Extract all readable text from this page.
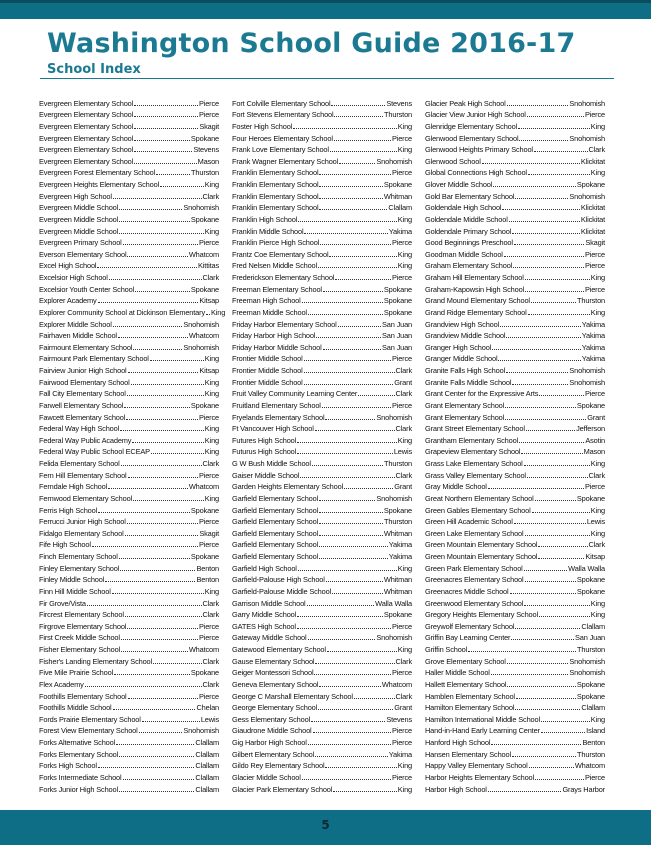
Washington School Guide 2016-17
School Index
Evergreen Elementary School	Pierce
Evergreen Elementary School	Pierce
Evergreen Elementary School	Skagit
Evergreen Elementary School	Spokane
Evergreen Elementary School	Stevens
Evergreen Elementary School	Mason
Evergreen Forest Elementary School	Thurston
Evergreen Heights Elementary School	King
Evergreen High School	Clark
Evergreen Middle School	Snohomish
Evergreen Middle School	Spokane
Evergreen Middle School	King
Evergreen Primary School	Pierce
Everson Elementary School	Whatcom
Excel High School	Kittitas
Excelsior High School	Clark
Excelsior Youth Center School	Spokane
Explorer Academy	Kitsap
Explorer Community School at Dickinson Elementary King
Explorer Middle School	Snohomish
Fairhaven Middle School	Whatcom
Fairmount Elementary School	Snohomish
Fairmount Park Elementary School	King
Fairview Junior High School	Kitsap
Fairwood Elementary School	King
Fall City Elementary School	King
Farwell Elementary School	Spokane
Fawcett Elementary School	Pierce
Federal Way High School	King
Federal Way Public Academy	King
Federal Way Public School ECEAP	King
Felida Elementary School	Clark
Fern Hill Elementary School	Pierce
Ferndale High School	Whatcom
Fernwood Elementary School	King
Ferris High School	Spokane
Ferrucci Junior High School	Pierce
Fidalgo Elementary School	Skagit
Fife High School	Pierce
Finch Elementary School	Spokane
Finley Elementary School	Benton
Finley Middle School	Benton
Finn Hill Middle School	King
Fir Grove/Vista	Clark
Fircrest Elementary School	Clark
Firgrove Elementary School	Pierce
First Creek Middle School	Pierce
Fisher Elementary School	Whatcom
Fisher's Landing Elementary School	Clark
Five Mile Prairie School	Spokane
Flex Academy	Clark
Foothills Elementary School	Pierce
Foothills Middle School	Chelan
Fords Prairie Elementary School	Lewis
Forest View Elementary School	Snohomish
Forks Alternative School	Clallam
Forks Elementary School	Clallam
Forks High School	Clallam
Forks Intermediate School	Clallam
Forks Junior High School	Clallam
Fort Colville Elementary School	Stevens
Fort Stevens Elementary School	Thurston
Foster High School	King
Four Heroes Elementary School	Pierce
Frank Love Elementary School	King
Frank Wagner Elementary School	Snohomish
Franklin Elementary School	Pierce
Franklin Elementary School	Spokane
Franklin Elementary School	Whitman
Franklin Elementary School	Clallam
Franklin High School	King
Franklin Middle School	Yakima
Franklin Pierce High School	Pierce
Frantz Coe Elementary School	King
Fred Nelsen Middle School	King
Frederickson Elementary School	Pierce
Freeman Elementary School	Spokane
Freeman High School	Spokane
Freeman Middle School	Spokane
Friday Harbor Elementary School	San Juan
Friday Harbor High School	San Juan
Friday Harbor Middle School	San Juan
Frontier Middle School	Pierce
Frontier Middle School	Clark
Frontier Middle School	Grant
Fruit Valley Community Learning Center	Clark
Fruitland Elementary School	Pierce
Fryelands Elementary School	Snohomish
Ft Vancouver High School	Clark
Futures High School	King
Futurus High School	Lewis
G W Bush Middle School	Thurston
Gaiser Middle School	Clark
Garden Heights Elementary School	Grant
Garfield Elementary School	Snohomish
Garfield Elementary School	Spokane
Garfield Elementary School	Thurston
Garfield Elementary School	Whitman
Garfield Elementary School	Yakima
Garfield Elementary School	Yakima
Garfield High School	King
Garfield-Palouse High School	Whitman
Garfield-Palouse Middle School	Whitman
Garrison Middle School	Walla Walla
Garry Middle School	Spokane
GATES High School	Pierce
Gateway Middle School	Snohomish
Gatewood Elementary School	King
Gause Elementary School	Clark
Geiger Montessori School	Pierce
Geneva Elementary School	Whatcom
George C Marshall Elementary School	Clark
George Elementary School	Grant
Gess Elementary School	Stevens
Giaudrone Middle School	Pierce
Gig Harbor High School	Pierce
Gilbert Elementary School	Yakima
Gildo Rey Elementary School	King
Glacier Middle School	Pierce
Glacier Park Elementary School	King
Glacier Peak High School	Snohomish
Glacier View Junior High School	Pierce
Glenridge Elementary School	King
Glenwood Elementary School	Snohomish
Glenwood Heights Primary School	Clark
Glenwood School	Klickitat
Global Connections High School	King
Glover Middle School	Spokane
Gold Bar Elementary School	Snohomish
Goldendale High School	Klickitat
Goldendale Middle School	Klickitat
Goldendale Primary School	Klickitat
Good Beginnings Preschool	Skagit
Goodman Middle School	Pierce
Graham Elementary School	Pierce
Graham Hill Elementary School	King
Graham-Kapowsin High School	Pierce
Grand Mound Elementary School	Thurston
Grand Ridge Elementary School	King
Grandview High School	Yakima
Grandview Middle School	Yakima
Granger High School	Yakima
Granger Middle School	Yakima
Granite Falls High School	Snohomish
Granite Falls Middle School	Snohomish
Grant Center for the Expressive Arts	Pierce
Grant Elementary School	Spokane
Grant Elementary School	Grant
Grant Street Elementary School	Jefferson
Grantham Elementary School	Asotin
Grapeview Elementary School	Mason
Grass Lake Elementary School	King
Grass Valley Elementary School	Clark
Gray Middle School	Pierce
Great Northern Elementary School	Spokane
Green Gables Elementary School	King
Green Hill Academic School	Lewis
Green Lake Elementary School	King
Green Mountain Elementary School	Clark
Green Mountain Elementary School	Kitsap
Green Park Elementary School	Walla Walla
Greenacres Elementary School	Spokane
Greenacres Middle School	Spokane
Greenwood Elementary School	King
Gregory Heights Elementary School	King
Greywolf Elementary School	Clallam
Griffin Bay Learning Center	San Juan
Griffin School	Thurston
Grove Elementary School	Snohomish
Haller Middle School	Snohomish
Hallett Elementary School	Spokane
Hamblen Elementary School	Spokane
Hamilton Elementary School	Clallam
Hamilton International Middle School	King
Hand-in-Hand Early Learning Center	Island
Hanford High School	Benton
Hansen Elementary School	Thurston
Happy Valley Elementary School	Whatcom
Harbor Heights Elementary School	Pierce
Harbor High School	Grays Harbor
5
